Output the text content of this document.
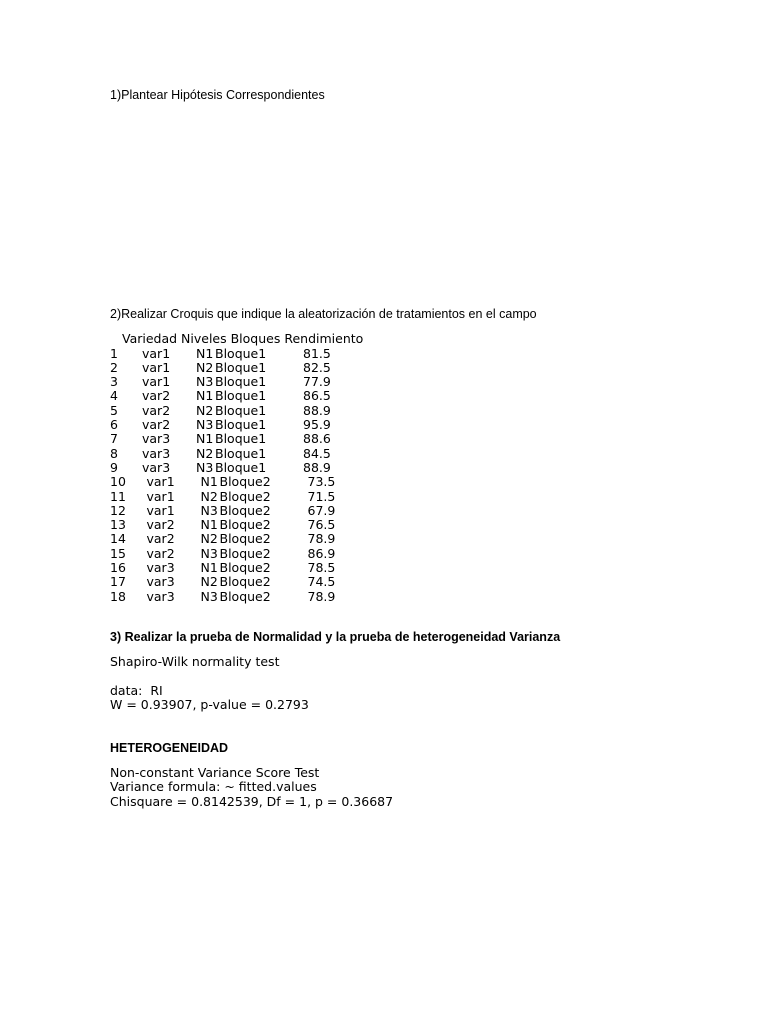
1)Plantear Hipótesis Correspondientes
2)Realizar Croquis que indique la aleatorización de tratamientos en el campo
Variedad Niveles Bloques Rendimiento
1 var1 N1 Bloque1	81.5
2 var1 N2 Bloque1	82.5
3 var1 N3 Bloque1	77.9
4 var2 N1 Bloque1	86.5
5 var2 N2 Bloque1	88.9
6 var2 N3 Bloque1	95.9
7 var3 N1 Bloque1	88.6
8 var3 N2 Bloque1	84.5
9 var3 N3 Bloque1	88.9
10 var1 N1 Bloque2	73.5
11 var1 N2 Bloque2	71.5
12 var1 N3 Bloque2	67.9
13 var2 N1 Bloque2	76.5
14 var2 N2 Bloque2	78.9
15 var2 N3 Bloque2	86.9
16 var3 N1 Bloque2	78.5
17 var3 N2 Bloque2	74.5
18 var3 N3 Bloque2	78.9
3) Realizar la prueba de Normalidad y la prueba de heterogeneidad Varianza
Shapiro-Wilk normality test
data:  RI
W = 0.93907, p-value = 0.2793
HETEROGENEIDAD
Non-constant Variance Score Test
Variance formula: ~ fitted.values
Chisquare = 0.8142539, Df = 1, p = 0.36687
